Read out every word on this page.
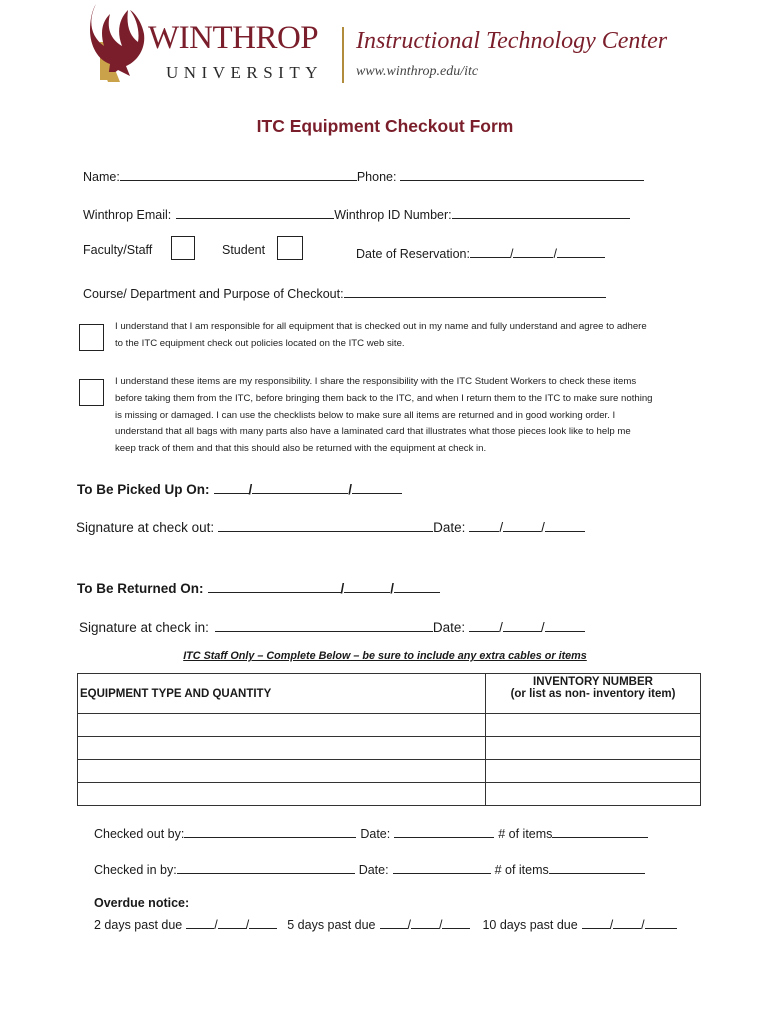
WINTHROP
UNIVERSITY
Instructional Technology Center
www.winthrop.edu/itc
ITC Equipment Checkout Form
Name:	Phone:
Winthrop Email:	Winthrop ID Number:
Faculty/Staff	Student	Date of Reservation:	/	/
Course/ Department and Purpose of Checkout:
I understand that I am responsible for all equipment that is checked out in my name and fully understand and agree to adhere
to the ITC equipment check out policies located on the ITC web site.
I understand these items are my responsibility. I share the responsibility with the ITC Student Workers to check these items
before taking them from the ITC, before bringing them back to the ITC, and when I return them to the ITC to make sure nothing
is missing or damaged. I can use the checklists below to make sure all items are returned and in good working order. I
understand that all bags with many parts also have a laminated card that illustrates what those pieces look like to help me
keep track of them and that this should also be returned with the equipment at check in.
To Be Picked Up On:	/	/
Signature at check out:	Date:	/	/
To Be Returned On:	/	/
Signature at check in:	Date:	/	/
ITC Staff Only – Complete Below – be sure to include any extra cables or items
EQUIPMENT TYPE AND QUANTITY	INVENTORY NUMBER
(or list as non- inventory item)

Checked out by:	Date:	# of items
Checked in by:	Date:	# of items
Overdue notice:
2 days past due	/ /	5 days past due	/ /	10 days past due	/ /
